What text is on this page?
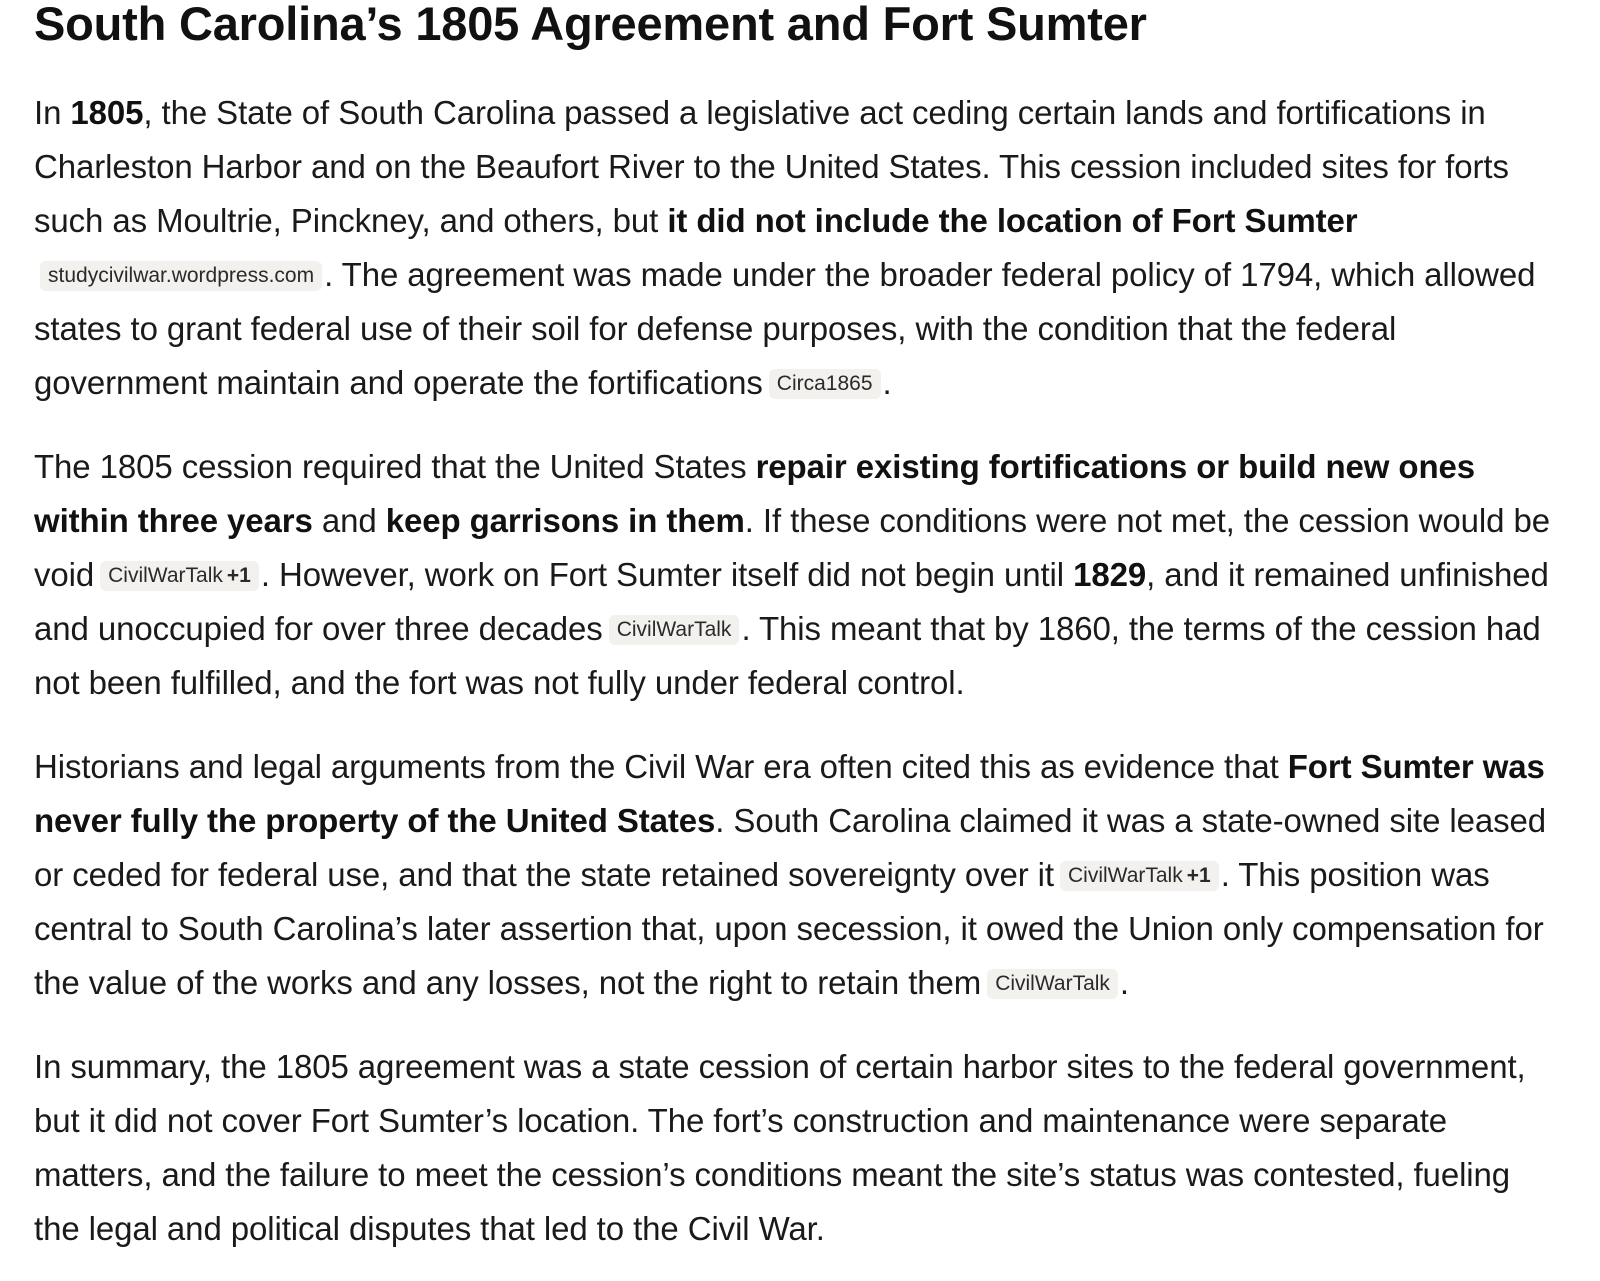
South Carolina’s 1805 Agreement and Fort Sumter

In 1805, the State of South Carolina passed a legislative act ceding certain lands and fortifications in Charleston Harbor and on the Beaufort River to the United States. This cession included sites for forts such as Moultrie, Pinckney, and others, but it did not include the location of Fort Sumterstudycivilwar.wordpress.com . The agreement was made under the broader federal policy of 1794, which allowed states to grant federal use of their soil for defense purposes, with the condition that the federal government maintain and operate the fortifications Circa1865 .

The 1805 cession required that the United States repair existing fortifications or build new ones within three years and keep garrisons in them. If these conditions were not met, the cession would be void CivilWarTalk +1 . However, work on Fort Sumter itself did not begin until 1829, and it remained unfinished and unoccupied for over three decades CivilWarTalk . This meant that by 1860, the terms of the cession had not been fulfilled, and the fort was not fully under federal control.

Historians and legal arguments from the Civil War era often cited this as evidence that Fort Sumter was never fully the property of the United States. South Carolina claimed it was a state-owned site leased or ceded for federal use, and that the state retained sovereignty over it CivilWarTalk +1 . This position was central to South Carolina’s later assertion that, upon secession, it owed the Union only compensation for the value of the works and any losses, not the right to retain them CivilWarTalk .

In summary, the 1805 agreement was a state cession of certain harbor sites to the federal government, but it did not cover Fort Sumter’s location. The fort’s construction and maintenance were separate matters, and the failure to meet the cession’s conditions meant the site’s status was contested, fueling the legal and political disputes that led to the Civil War.
